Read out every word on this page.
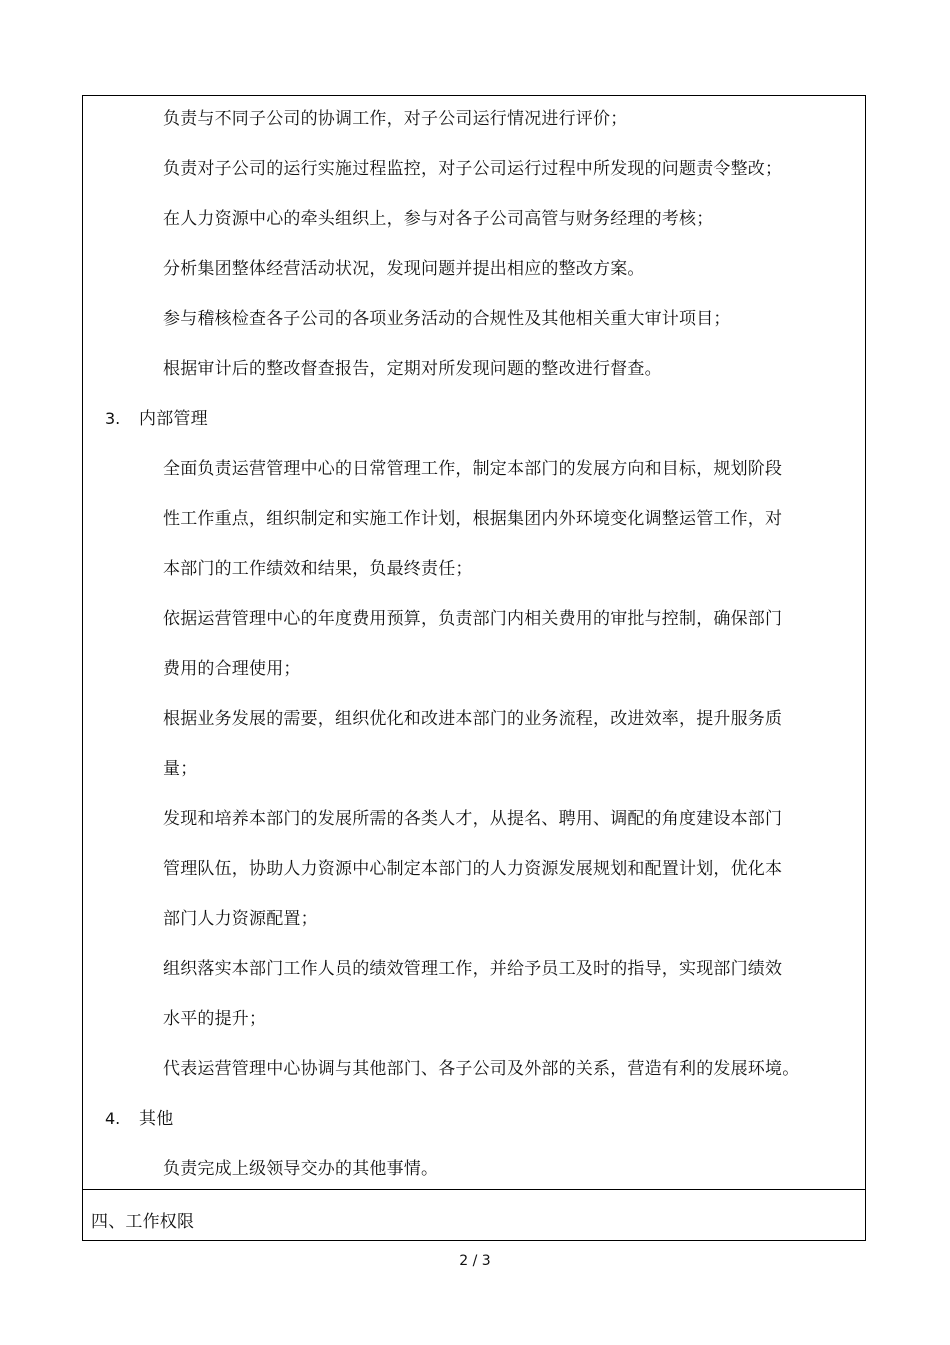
负责与不同子公司的协调工作，对子公司运行情况进行评价；
负责对子公司的运行实施过程监控，对子公司运行过程中所发现的问题责令整改；
在人力资源中心的牵头组织上，参与对各子公司高管与财务经理的考核；
分析集团整体经营活动状况，发现问题并提出相应的整改方案。
参与稽核检查各子公司的各项业务活动的合规性及其他相关重大审计项目；
根据审计后的整改督查报告，定期对所发现问题的整改进行督查。
3. 内部管理
全面负责运营管理中心的日常管理工作，制定本部门的发展方向和目标，规划阶段
性工作重点，组织制定和实施工作计划，根据集团内外环境变化调整运管工作，对
本部门的工作绩效和结果，负最终责任；
依据运营管理中心的年度费用预算，负责部门内相关费用的审批与控制，确保部门
费用的合理使用；
根据业务发展的需要，组织优化和改进本部门的业务流程，改进效率，提升服务质
量；
发现和培养本部门的发展所需的各类人才，从提名、聘用、调配的角度建设本部门
管理队伍，协助人力资源中心制定本部门的人力资源发展规划和配置计划，优化本
部门人力资源配置；
组织落实本部门工作人员的绩效管理工作，并给予员工及时的指导，实现部门绩效
水平的提升；
代表运营管理中心协调与其他部门、各子公司及外部的关系，营造有利的发展环境。
4. 其他
负责完成上级领导交办的其他事情。
四、工作权限
2 / 3
